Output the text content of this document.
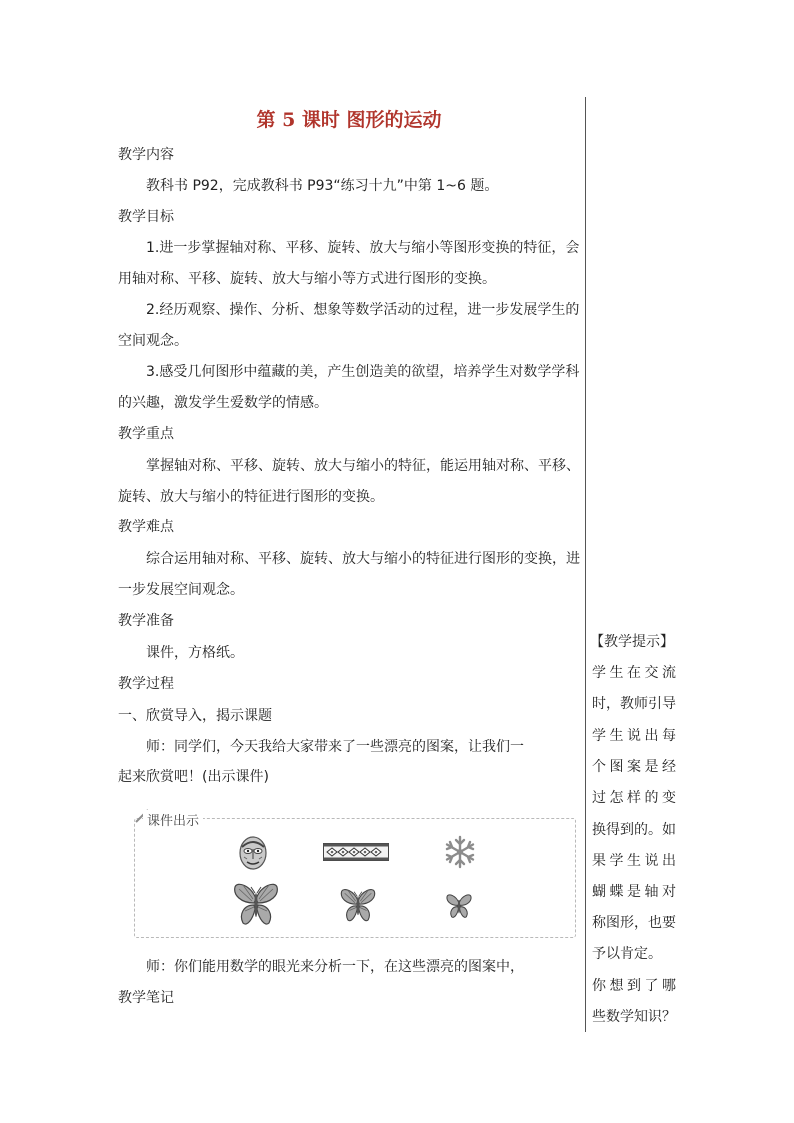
第 5 课时 图形的运动
教学内容
教科书 P92，完成教科书 P93“练习十九”中第 1~6 题。
教学目标
1.进一步掌握轴对称、平移、旋转、放大与缩小等图形变换的特征，会
用轴对称、平移、旋转、放大与缩小等方式进行图形的变换。
2.经历观察、操作、分析、想象等数学活动的过程，进一步发展学生的
空间观念。
3.感受几何图形中蕴藏的美，产生创造美的欲望，培养学生对数学学科
的兴趣，激发学生爱数学的情感。
教学重点
掌握轴对称、平移、旋转、放大与缩小的特征，能运用轴对称、平移、
旋转、放大与缩小的特征进行图形的变换。
教学难点
综合运用轴对称、平移、旋转、放大与缩小的特征进行图形的变换，进
一步发展空间观念。
教学准备
课件，方格纸。
教学过程
一、欣赏导入，揭示课题
师：同学们，今天我给大家带来了一些漂亮的图案，让我们一
起来欣赏吧！(出示课件)
课件出示
师：你们能用数学的眼光来分析一下，在这些漂亮的图案中，
教学笔记
【教学提示】
学生在交流
时，教师引导
学生说出每
个图案是经
过怎样的变
换得到的。如
果学生说出
蝴蝶是轴对
称图形，也要
予以肯定。
你想到了哪
些数学知识？
